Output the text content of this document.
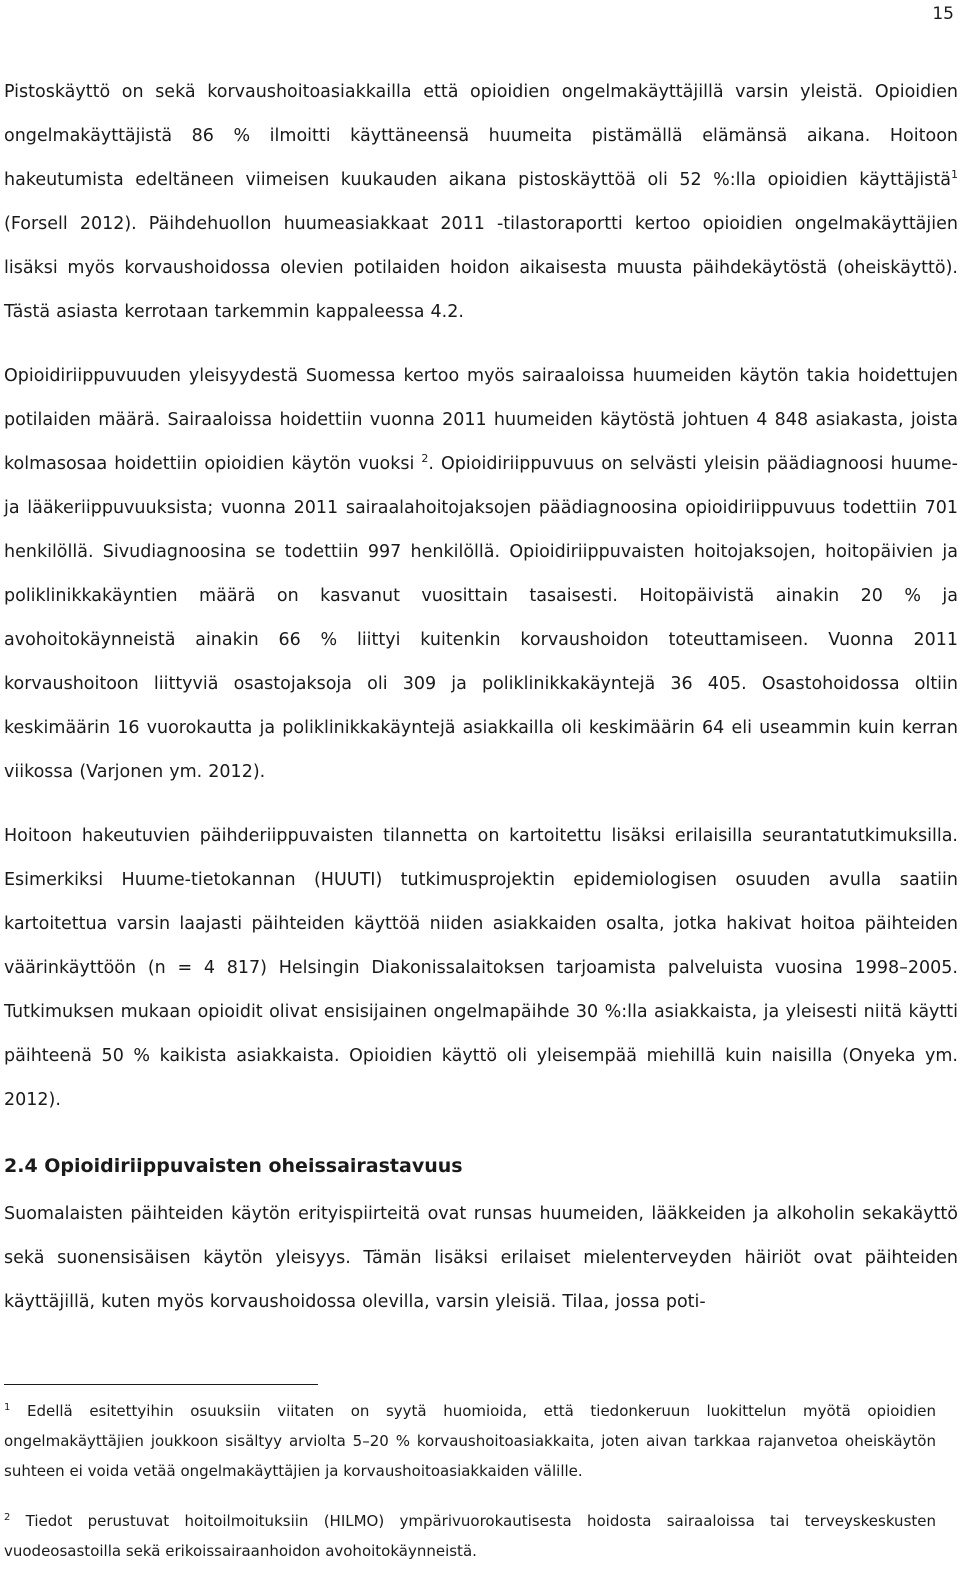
15

Pistoskäyttö on sekä korvaushoitoasiakkailla että opioidien ongelmakäyttäjillä varsin yleistä. Opioidien ongelmakäyttäjistä 86 % ilmoitti käyttäneensä huumeita pistämällä elämänsä aikana. Hoitoon hakeutumista edeltäneen viimeisen kuukauden aikana pistoskäyttöä oli 52 %:lla opioidien käyttäjistä$^1$ (Forsell 2012). Päihdehuollon huumeasiakkaat 2011 -tilastoraportti kertoo opioidien ongelmakäyttäjien lisäksi myös korvaushoidossa olevien potilaiden hoidon aikaisesta muusta päihdekäytöstä (oheiskäyttö). Tästä asiasta kerrotaan tarkemmin kappaleessa 4.2.

Opioidiriippuvuuden yleisyydestä Suomessa kertoo myös sairaaloissa huumeiden käytön takia hoidettujen potilaiden määrä. Sairaaloissa hoidettiin vuonna 2011 huumeiden käytöstä johtuen 4 848 asiakasta, joista kolmasosaa hoidettiin opioidien käytön vuoksi $^2$. Opioidiriippuvuus on selvästi yleisin päädiagnoosi huume- ja lääkeriippuvuuksista; vuonna 2011 sairaalahoitojaksojen päädiagnoosina opioidiriippuvuus todettiin 701 henkilöllä. Sivudiagnoosina se todettiin 997 henkilöllä. Opioidiriippuvaisten hoitojaksojen, hoitopäivien ja poliklinikkakäyntien määrä on kasvanut vuosittain tasaisesti. Hoitopäivistä ainakin 20 % ja avohoitokäynneistä ainakin 66 % liittyi kuitenkin korvaushoidon toteuttamiseen. Vuonna 2011 korvaushoitoon liittyviä osastojaksoja oli 309 ja poliklinikkakäyntejä 36 405. Osastohoidossa oltiin keskimäärin 16 vuorokautta ja poliklinikkakäyntejä asiakkailla oli keskimäärin 64 eli useammin kuin kerran viikossa (Varjonen ym. 2012).

Hoitoon hakeutuvien päihderiippuvaisten tilannetta on kartoitettu lisäksi erilaisilla seurantatutkimuksilla. Esimerkiksi Huume-tietokannan (HUUTI) tutkimusprojektin epidemiologisen osuuden avulla saatiin kartoitettua varsin laajasti päihteiden käyttöä niiden asiakkaiden osalta, jotka hakivat hoitoa päihteiden väärinkäyttöön (n = 4 817) Helsingin Diakonissalaitoksen tarjoamista palveluista vuosina 1998–2005. Tutkimuksen mukaan opioidit olivat ensisijainen ongelmapäihde 30 %:lla asiakkaista, ja yleisesti niitä käytti päihteenä 50 % kaikista asiakkaista. Opioidien käyttö oli yleisempää miehillä kuin naisilla (Onyeka ym. 2012).

2.4 Opioidiriippuvaisten oheissairastavuus

Suomalaisten päihteiden käytön erityispiirteitä ovat runsas huumeiden, lääkkeiden ja alkoholin sekakäyttö sekä suonensisäisen käytön yleisyys. Tämän lisäksi erilaiset mielenterveyden häiriöt ovat päihteiden käyttäjillä, kuten myös korvaushoidossa olevilla, varsin yleisiä. Tilaa, jossa poti-

$^1$ Edellä esitettyihin osuuksiin viitaten on syytä huomioida, että tiedonkeruun luokittelun myötä opioidien ongelmakäyttäjien joukkoon sisältyy arviolta 5–20 % korvaushoitoasiakkaita, joten aivan tarkkaa rajanvetoa oheiskäytön suhteen ei voida vetää ongelmakäyttäjien ja korvaushoitoasiakkaiden välille.

$^2$ Tiedot perustuvat hoitoilmoituksiin (HILMO) ympärivuorokautisesta hoidosta sairaaloissa tai terveyskeskusten vuodeosastoilla sekä erikoissairaanhoidon avohoitokäynneistä.
